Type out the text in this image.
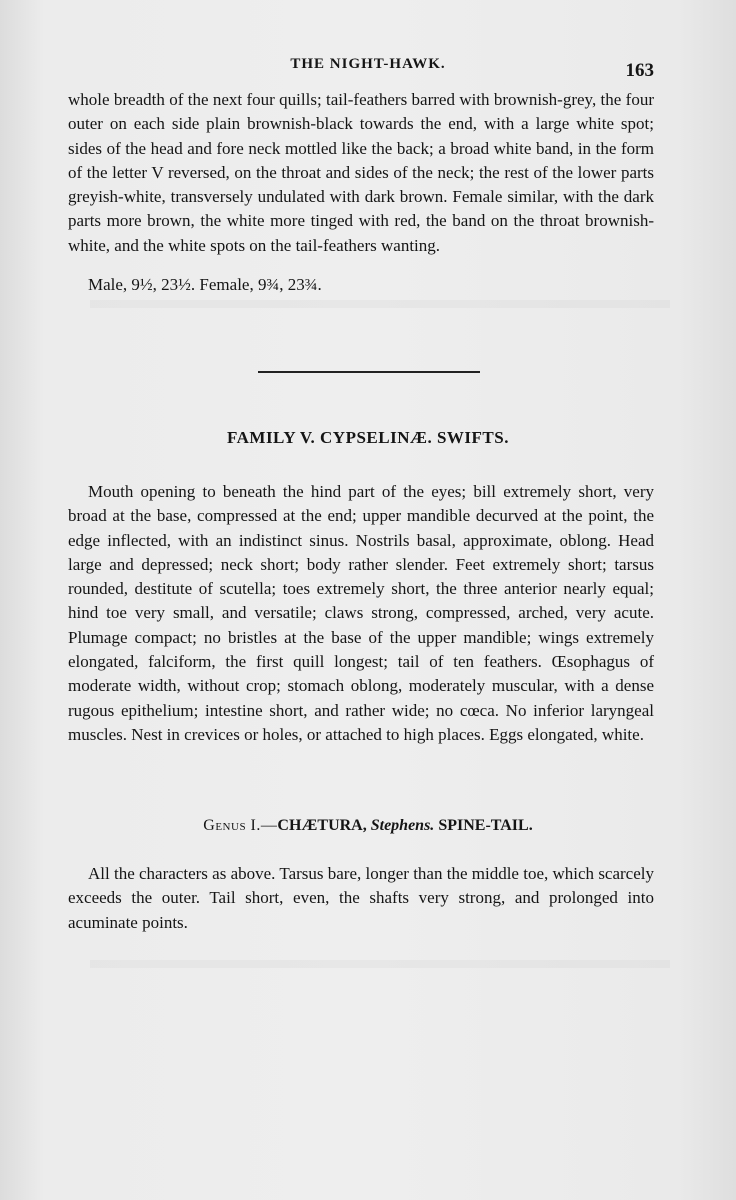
THE NIGHT-HAWK.	163

whole breadth of the next four quills; tail-feathers barred with brownish-grey, the four outer on each side plain brownish-black towards the end, with a large white spot; sides of the head and fore neck mottled like the back; a broad white band, in the form of the letter V reversed, on the throat and sides of the neck; the rest of the lower parts greyish-white, transversely undulated with dark brown. Female similar, with the dark parts more brown, the white more tinged with red, the band on the throat brownish-white, and the white spots on the tail-feathers wanting.

Male, 9½, 23½. Female, 9¾, 23¾.
FAMILY V. CYPSELINÆ. SWIFTS.

Mouth opening to beneath the hind part of the eyes; bill extremely short, very broad at the base, compressed at the end; upper mandible decurved at the point, the edge inflected, with an indistinct sinus. Nostrils basal, approximate, oblong. Head large and depressed; neck short; body rather slender. Feet extremely short; tarsus rounded, destitute of scutella; toes extremely short, the three anterior nearly equal; hind toe very small, and versatile; claws strong, compressed, arched, very acute. Plumage compact; no bristles at the base of the upper mandible; wings extremely elongated, falciform, the first quill longest; tail of ten feathers. Œsophagus of moderate width, without crop; stomach oblong, moderately muscular, with a dense rugous epithelium; intestine short, and rather wide; no cœca. No inferior laryngeal muscles. Nest in crevices or holes, or attached to high places. Eggs elongated, white.

Genus I.—CHÆTURA, Stephens. SPINE-TAIL.

All the characters as above. Tarsus bare, longer than the middle toe, which scarcely exceeds the outer. Tail short, even, the shafts very strong, and prolonged into acuminate points.
